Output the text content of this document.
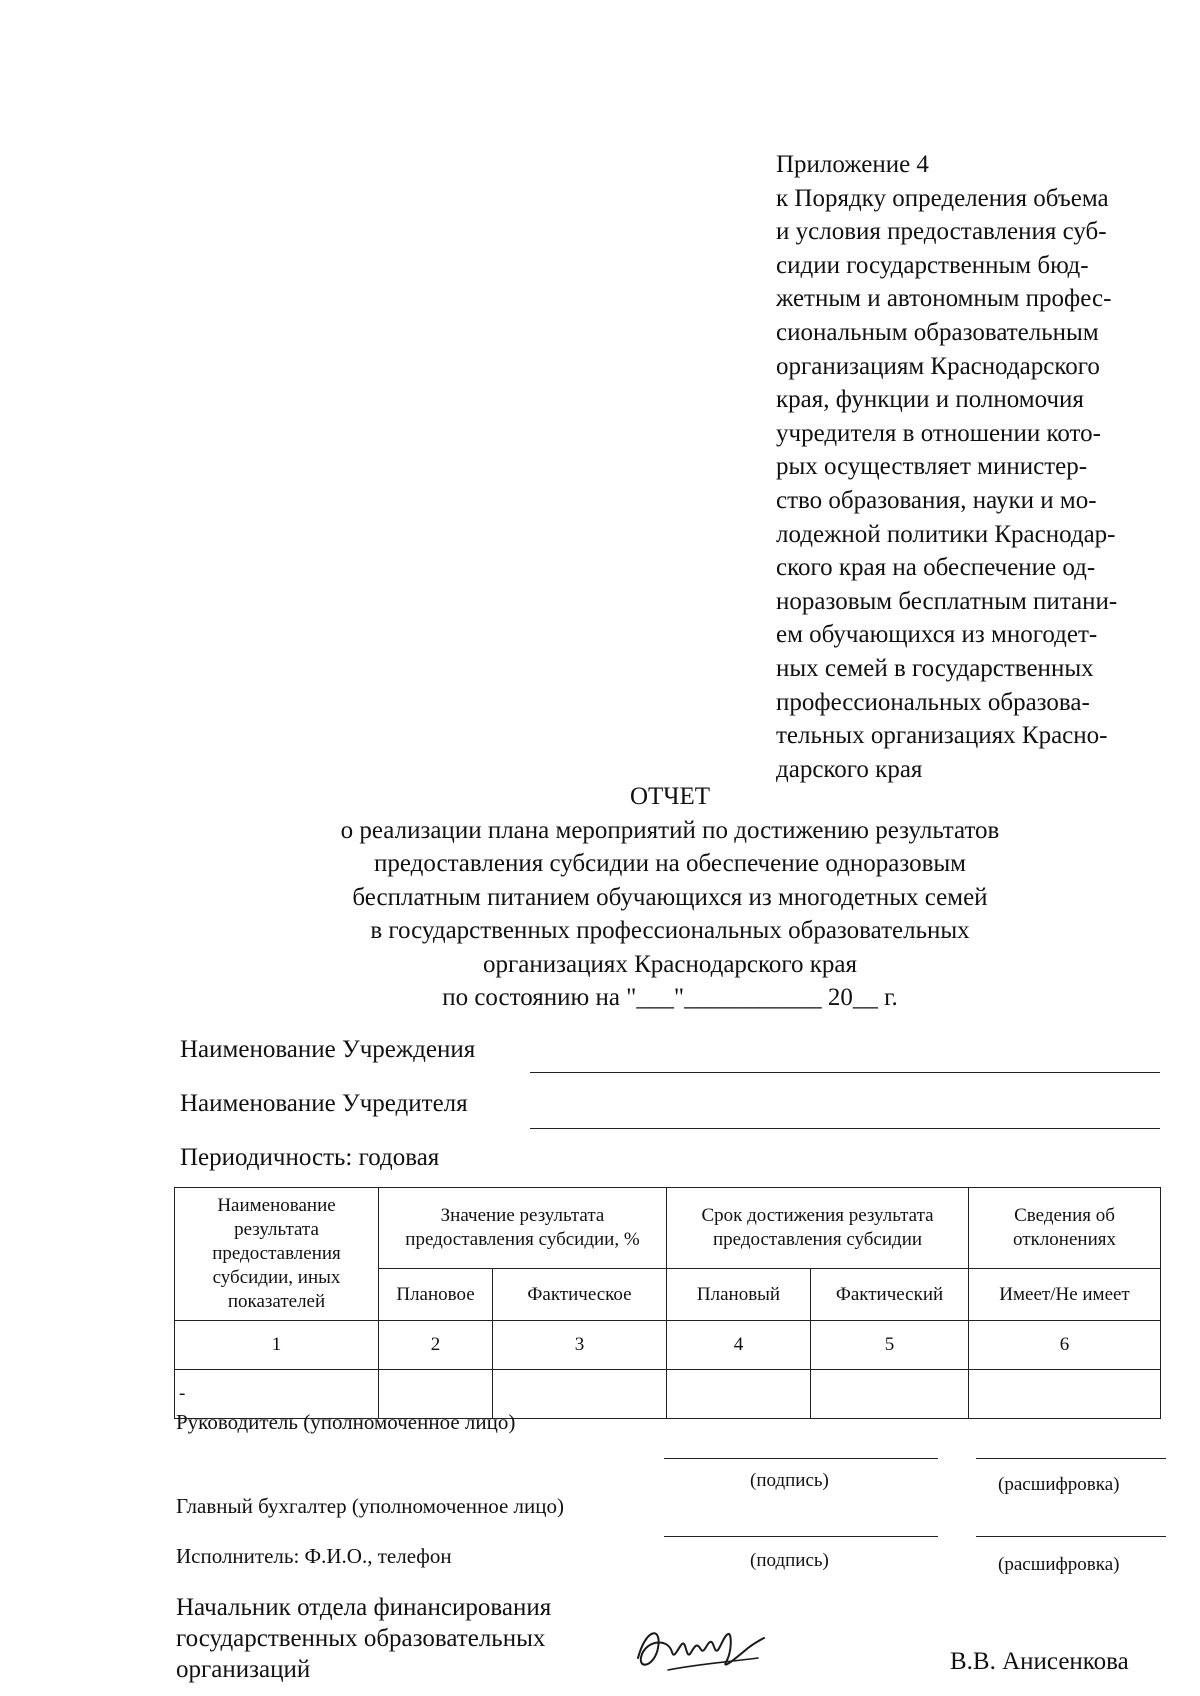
Приложение 4
к Порядку определения объема
и условия предоставления суб-
сидии государственным бюд-
жетным и автономным профес-
сиональным образовательным
организациям Краснодарского
края, функции и полномочия
учредителя в отношении кото-
рых осуществляет министер-
ство образования, науки и мо-
лодежной политики Краснодар-
ского края на обеспечение од-
норазовым бесплатным питани-
ем обучающихся из многодет-
ных семей в государственных
профессиональных образова-
тельных организациях Красно-
дарского края
ОТЧЕТ
о реализации плана мероприятий по достижению результатов
предоставления субсидии на обеспечение одноразовым
бесплатным питанием обучающихся из многодетных семей
в государственных профессиональных образовательных
организациях Краснодарского края
по состоянию на "___"___________ 20__ г.
Наименование Учреждения
Наименование Учредителя
Периодичность: годовая
Наименование результата предоставления субсидии, иных показателей	Значение результата предоставления субсидии, %		Срок достижения результата предоставления субсидии		Сведения об отклонениях
	Плановое	Фактическое	Плановый	Фактический	Имеет/Не имеет
1	2	3	4	5	6
-					
Руководитель (уполномоченное лицо)
(подпись)	(расшифровка)
Главный бухгалтер (уполномоченное лицо)
(подпись)	(расшифровка)
Исполнитель: Ф.И.О., телефон
Начальник отдела финансирования
государственных образовательных
организаций	В.В. Анисенкова
